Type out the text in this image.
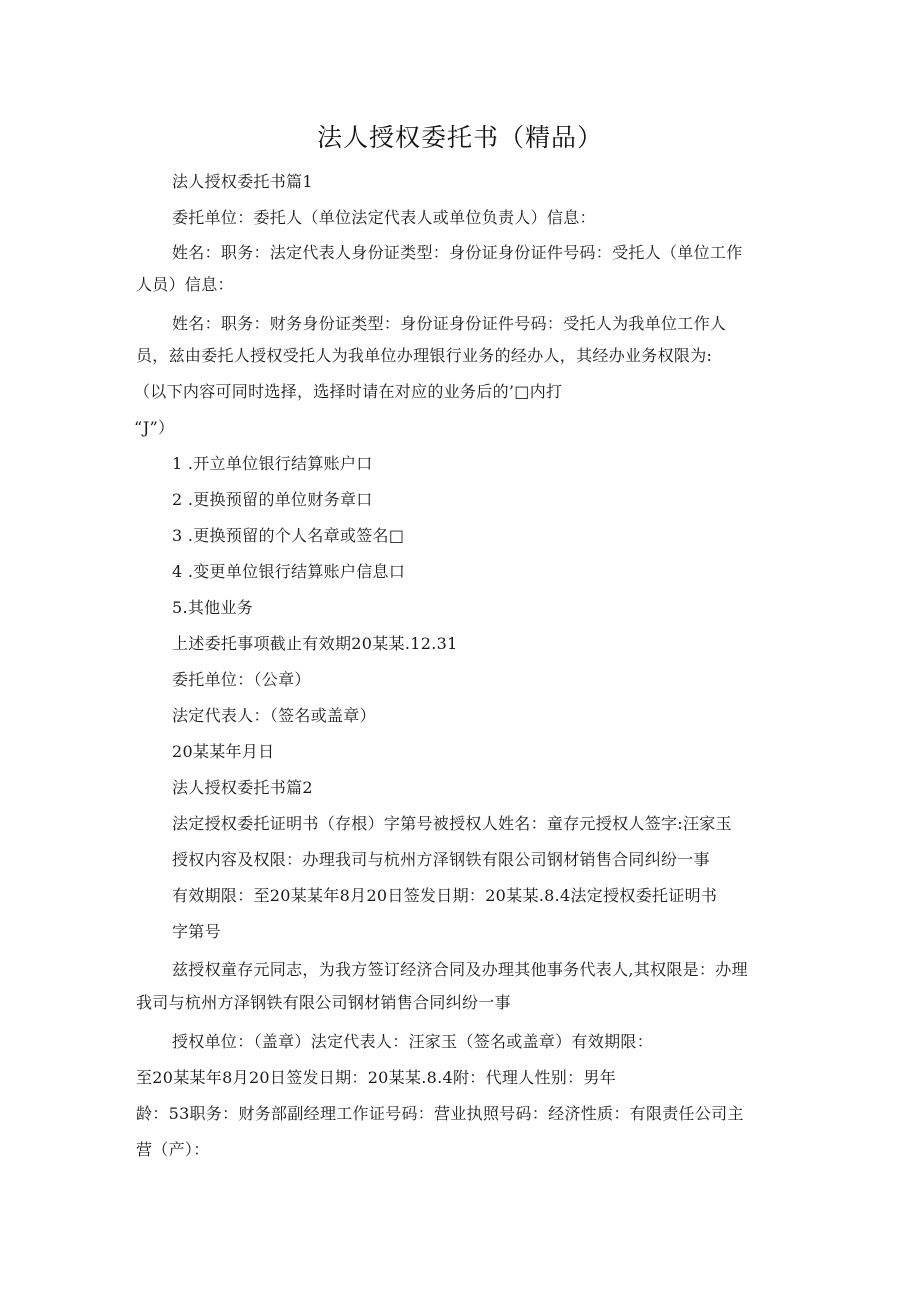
法人授权委托书（精品）
法人授权委托书篇1
委托单位：委托人（单位法定代表人或单位负责人）信息：
姓名：职务：法定代表人身份证类型：身份证身份证件号码：受托人（单位工作
人员）信息：
姓名：职务：财务身份证类型：身份证身份证件号码：受托人为我单位工作人
员，兹由委托人授权受托人为我单位办理银行业务的经办人，其经办业务权限为:
（以下内容可同时选择，选择时请在对应的业务后的’□内打
“J”）
1 .开立单位银行结算账户口
2 .更换预留的单位财务章口
3 .更换预留的个人名章或签名□
4 .变更单位银行结算账户信息口
5.其他业务
上述委托事项截止有效期20某某.12.31
委托单位：（公章）
法定代表人：（签名或盖章）
20某某年月日
法人授权委托书篇2
法定授权委托证明书（存根）字第号被授权人姓名：童存元授权人签字:汪家玉
授权内容及权限：办理我司与杭州方泽钢铁有限公司钢材销售合同纠纷一事
有效期限：至20某某年8月20日签发日期：20某某.8.4法定授权委托证明书
字第号
兹授权童存元同志，为我方签订经济合同及办理其他事务代表人,其权限是：办理
我司与杭州方泽钢铁有限公司钢材销售合同纠纷一事
授权单位：（盖章）法定代表人：汪家玉（签名或盖章）有效期限：
至20某某年8月20日签发日期：20某某.8.4附：代理人性别：男年
龄：53职务：财务部副经理工作证号码：营业执照号码：经济性质：有限责任公司主
营（产）：
